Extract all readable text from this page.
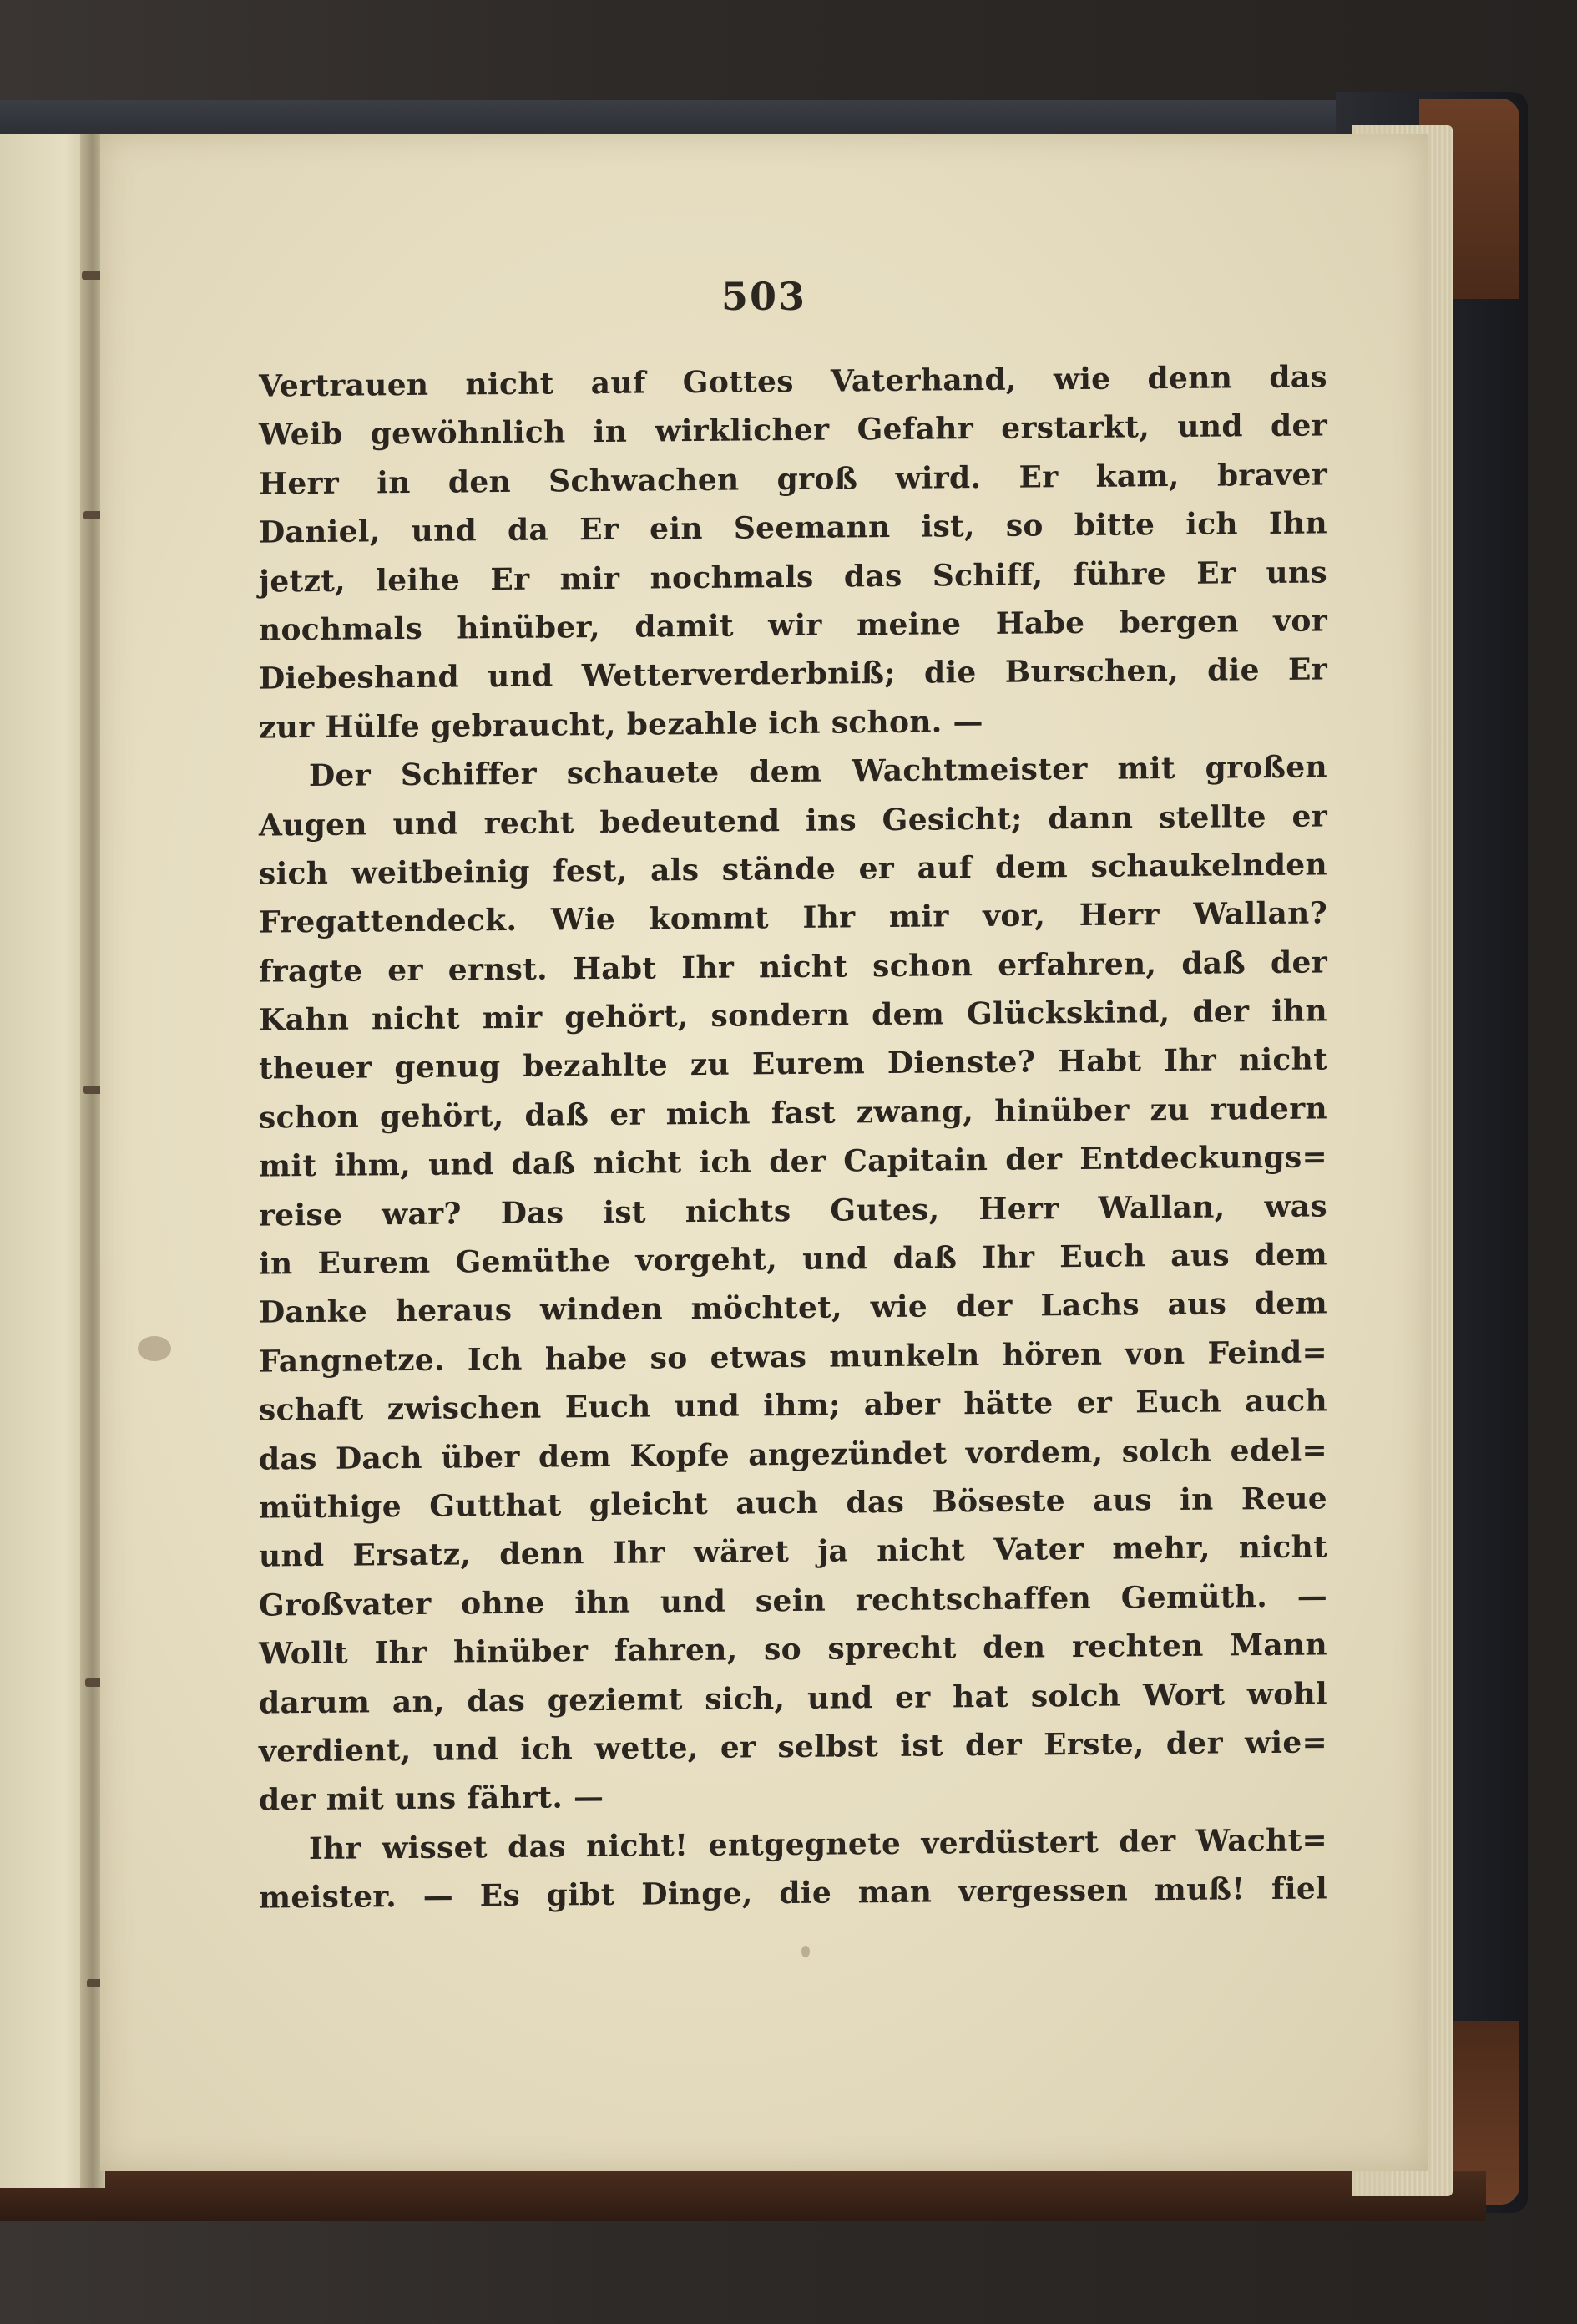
503
Vertrauen nicht auf Gottes Vaterhand, wie denn das
Weib gewöhnlich in wirklicher Gefahr erstarkt, und der
Herr in den Schwachen groß wird. Er kam, braver
Daniel, und da Er ein Seemann ist, so bitte ich Ihn
jetzt, leihe Er mir nochmals das Schiff, führe Er uns
nochmals hinüber, damit wir meine Habe bergen vor
Diebeshand und Wetterverderbniß; die Burschen, die Er
zur Hülfe gebraucht, bezahle ich schon. —
Der Schiffer schauete dem Wachtmeister mit großen
Augen und recht bedeutend ins Gesicht; dann stellte er
sich weitbeinig fest, als stände er auf dem schaukelnden
Fregattendeck. Wie kommt Ihr mir vor, Herr Wallan?
fragte er ernst. Habt Ihr nicht schon erfahren, daß der
Kahn nicht mir gehört, sondern dem Glückskind, der ihn
theuer genug bezahlte zu Eurem Dienste? Habt Ihr nicht
schon gehört, daß er mich fast zwang, hinüber zu rudern
mit ihm, und daß nicht ich der Capitain der Entdeckungs=
reise war? Das ist nichts Gutes, Herr Wallan, was
in Eurem Gemüthe vorgeht, und daß Ihr Euch aus dem
Danke heraus winden möchtet, wie der Lachs aus dem
Fangnetze. Ich habe so etwas munkeln hören von Feind=
schaft zwischen Euch und ihm; aber hätte er Euch auch
das Dach über dem Kopfe angezündet vordem, solch edel=
müthige Gutthat gleicht auch das Böseste aus in Reue
und Ersatz, denn Ihr wäret ja nicht Vater mehr, nicht
Großvater ohne ihn und sein rechtschaffen Gemüth. —
Wollt Ihr hinüber fahren, so sprecht den rechten Mann
darum an, das geziemt sich, und er hat solch Wort wohl
verdient, und ich wette, er selbst ist der Erste, der wie=
der mit uns fährt. —
Ihr wisset das nicht! entgegnete verdüstert der Wacht=
meister. — Es gibt Dinge, die man vergessen muß! fiel
